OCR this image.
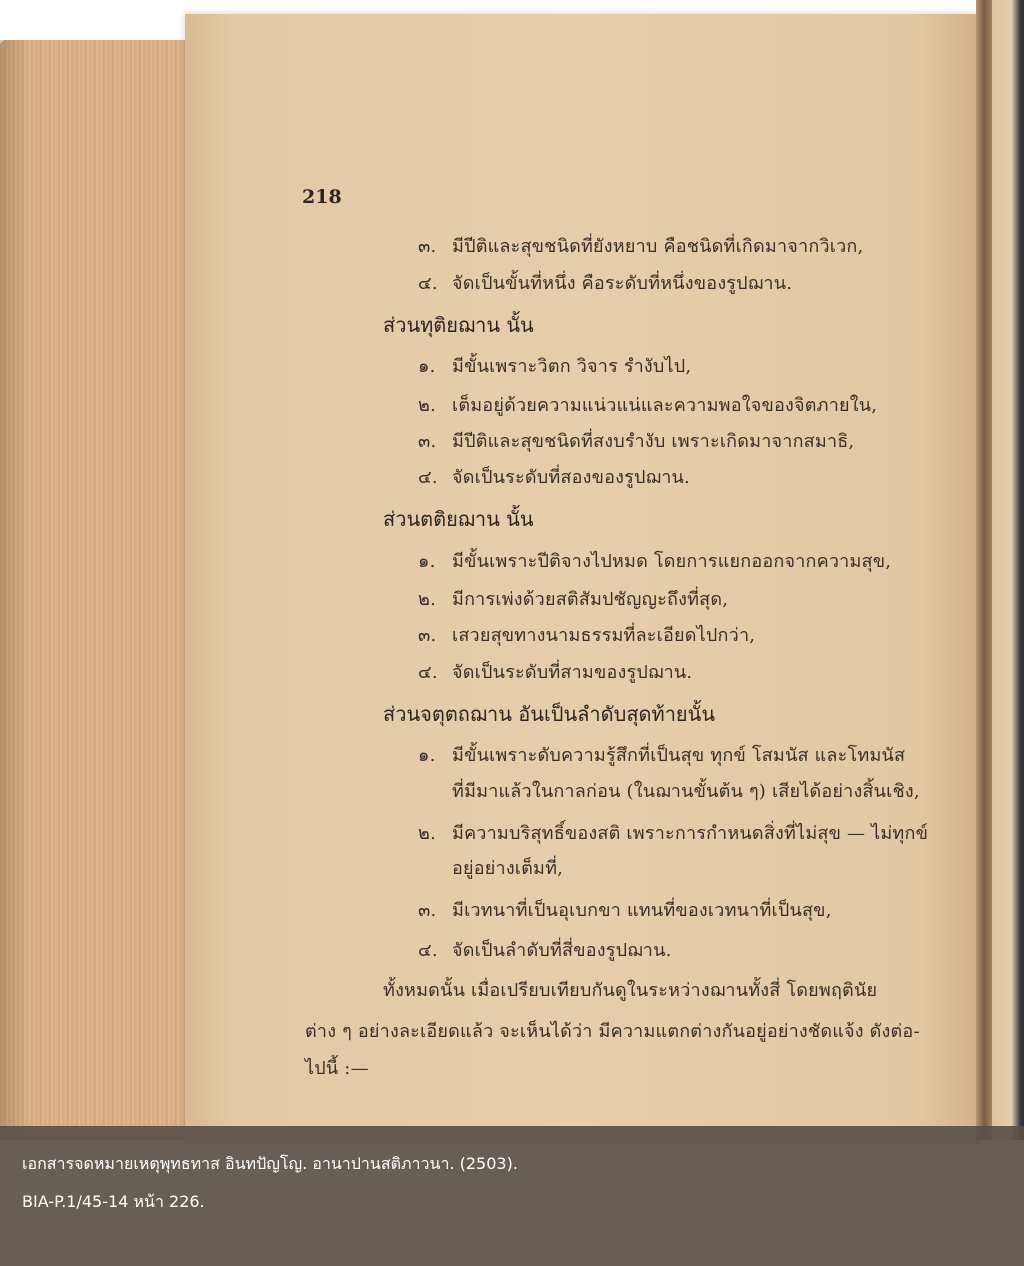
218
๓. มีปีติและสุขชนิดที่ยังหยาบ คือชนิดที่เกิดมาจากวิเวก,
๔. จัดเป็นขั้นที่หนึ่ง คือระดับที่หนึ่งของรูปฌาน.
ส่วนทุติยฌาน นั้น
๑. มีขั้นเพราะวิตก วิจาร รำงับไป,
๒. เต็มอยู่ด้วยความแน่วแน่และความพอใจของจิตภายใน,
๓. มีปีติและสุขชนิดที่สงบรำงับ เพราะเกิดมาจากสมาธิ,
๔. จัดเป็นระดับที่สองของรูปฌาน.
ส่วนตติยฌาน นั้น
๑. มีขั้นเพราะปีติจางไปหมด โดยการแยกออกจากความสุข,
๒. มีการเพ่งด้วยสติสัมปชัญญะถึงที่สุด,
๓. เสวยสุขทางนามธรรมที่ละเอียดไปกว่า,
๔. จัดเป็นระดับที่สามของรูปฌาน.
ส่วนจตุตถฌาน อันเป็นลำดับสุดท้ายนั้น
๑. มีขั้นเพราะดับความรู้สึกที่เป็นสุข ทุกข์ โสมนัส และโทมนัส
ที่มีมาแล้วในกาลก่อน (ในฌานขั้นต้น ๆ) เสียได้อย่างสิ้นเชิง,
๒. มีความบริสุทธิ์ของสติ เพราะการกำหนดสิ่งที่ไม่สุข — ไม่ทุกข์
อยู่อย่างเต็มที่,
๓. มีเวทนาที่เป็นอุเบกขา แทนที่ของเวทนาที่เป็นสุข,
๔. จัดเป็นลำดับที่สี่ของรูปฌาน.
ทั้งหมดนั้น เมื่อเปรียบเทียบกันดูในระหว่างฌานทั้งสี่ โดยพฤตินัย
ต่าง ๆ อย่างละเอียดแล้ว จะเห็นได้ว่า มีความแตกต่างกันอยู่อย่างชัดแจ้ง ดังต่อ-
ไปนี้ :—
เอกสารจดหมายเหตุพุทธทาส อินทปัญโญ. อานาปานสติภาวนา. (2503).
BIA-P.1/45-14 หน้า 226.
